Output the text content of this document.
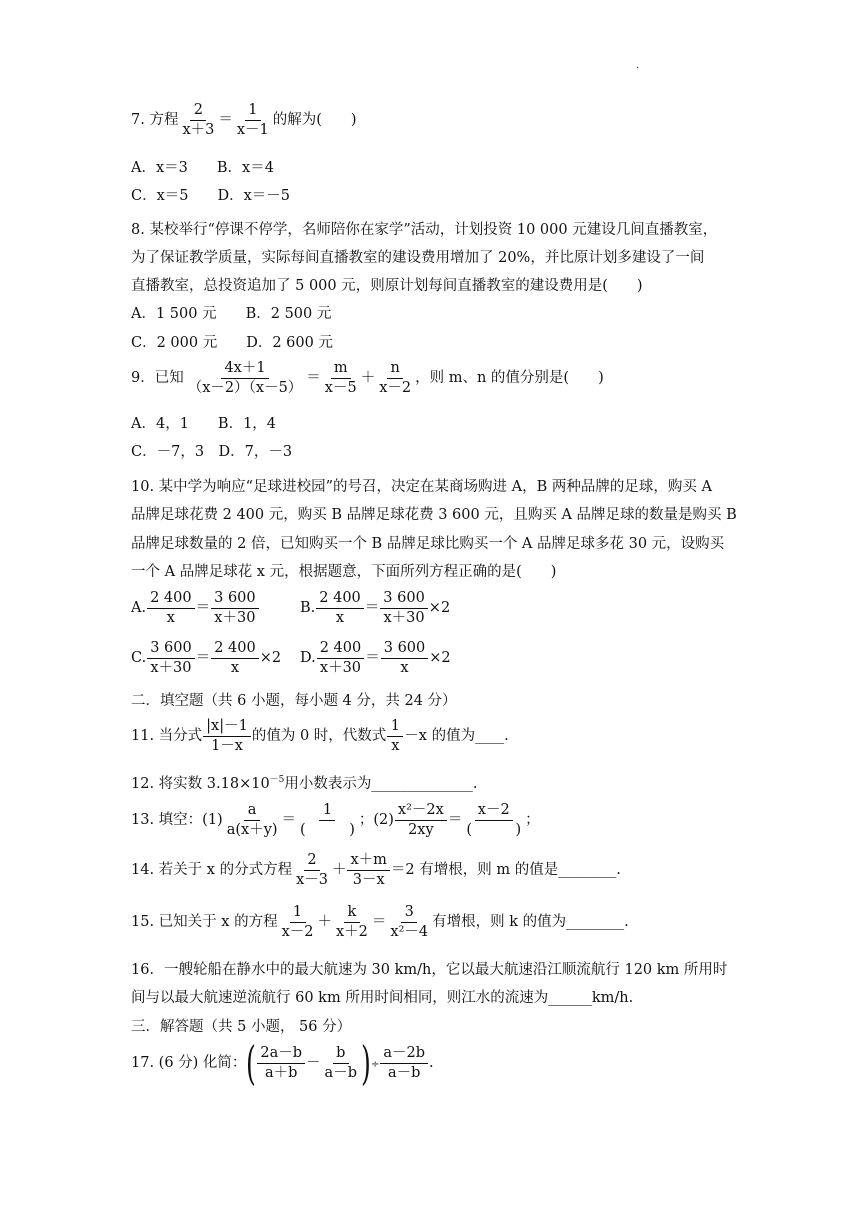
.
7. 方程 $\frac{2}{x+3} = \frac{1}{x-1}$ 的解为(　　)
A．x＝3　　B．x＝4
C．x＝5　　D．x＝－5
8. 某校举行“停课不停学，名师陪你在家学”活动，计划投资 10 000 元建设几间直播教室，
为了保证教学质量，实际每间直播教室的建设费用增加了 20%，并比原计划多建设了一间
直播教室，总投资追加了 5 000 元，则原计划每间直播教室的建设费用是(　　)
A．1 500 元　　B．2 500 元
C．2 000 元　　D．2 600 元
9．已知 $\frac{4x+1}{(x-2)(x-5)} = \frac{m}{x-5} + \frac{n}{x-2}$ ，则 m、n 的值分别是(　　)
A．4，1　　B．1，4
C．－7，3　D．7，－3
10. 某中学为响应“足球进校园”的号召，决定在某商场购进 A，B 两种品牌的足球，购买 A
品牌足球花费 2 400 元，购买 B 品牌足球花费 3 600 元，且购买 A 品牌足球的数量是购买 B
品牌足球数量的 2 倍，已知购买一个 B 品牌足球比购买一个 A 品牌足球多花 30 元，设购买
一个 A 品牌足球花 x 元，根据题意，下面所列方程正确的是(　　)
A. $\frac{2 400}{x} = \frac{3 600}{x+30}$	B. $\frac{2 400}{x} = \frac{3 600}{x+30} \times 2$
C. $\frac{3 600}{x+30} = \frac{2 400}{x} \times 2$ D. $\frac{2 400}{x+30} = \frac{3 600}{x} \times 2$
二．填空题（共 6 小题，每小题 4 分，共 24 分）
11. 当分式 $\frac{|x|-1}{1-x}$ 的值为 0 时，代数式 $\frac{1}{x} -x$ 的值为____.
12. 将实数 $3.18\times 10^{-5}$用小数表示为______________.
13. 填空：$(1) \frac{a}{a(x+y)}$ ＝
1
(　　　)
；$(2) \frac{\text{x²－2x}}{2xy}$ ＝
x－2
(　　　)
；
14. 若关于 x 的分式方程 $\frac{2}{x-3} + \frac{x+m}{3-x} =2$ 有增根，则 m 的值是________.
15. 已知关于 x 的方程 $\frac{1}{x-2} + \frac{k}{x+2} = \frac{3}{\text{x²－4}}$ 有增根，则 k 的值为________.
16．一艘轮船在静水中的最大航速为 30 km/h，它以最大航速沿江顺流航行 120 km 所用时
间与以最大航速逆流航行 60 km 所用时间相同，则江水的流速为______km/h.
三．解答题（共 5 小题， 56 分）
17. (6 分) 化简：( $\frac{2a-b}{a+b} - \frac{b}{a-b}$ )÷ $\frac{a-2b}{a-b}$ .
